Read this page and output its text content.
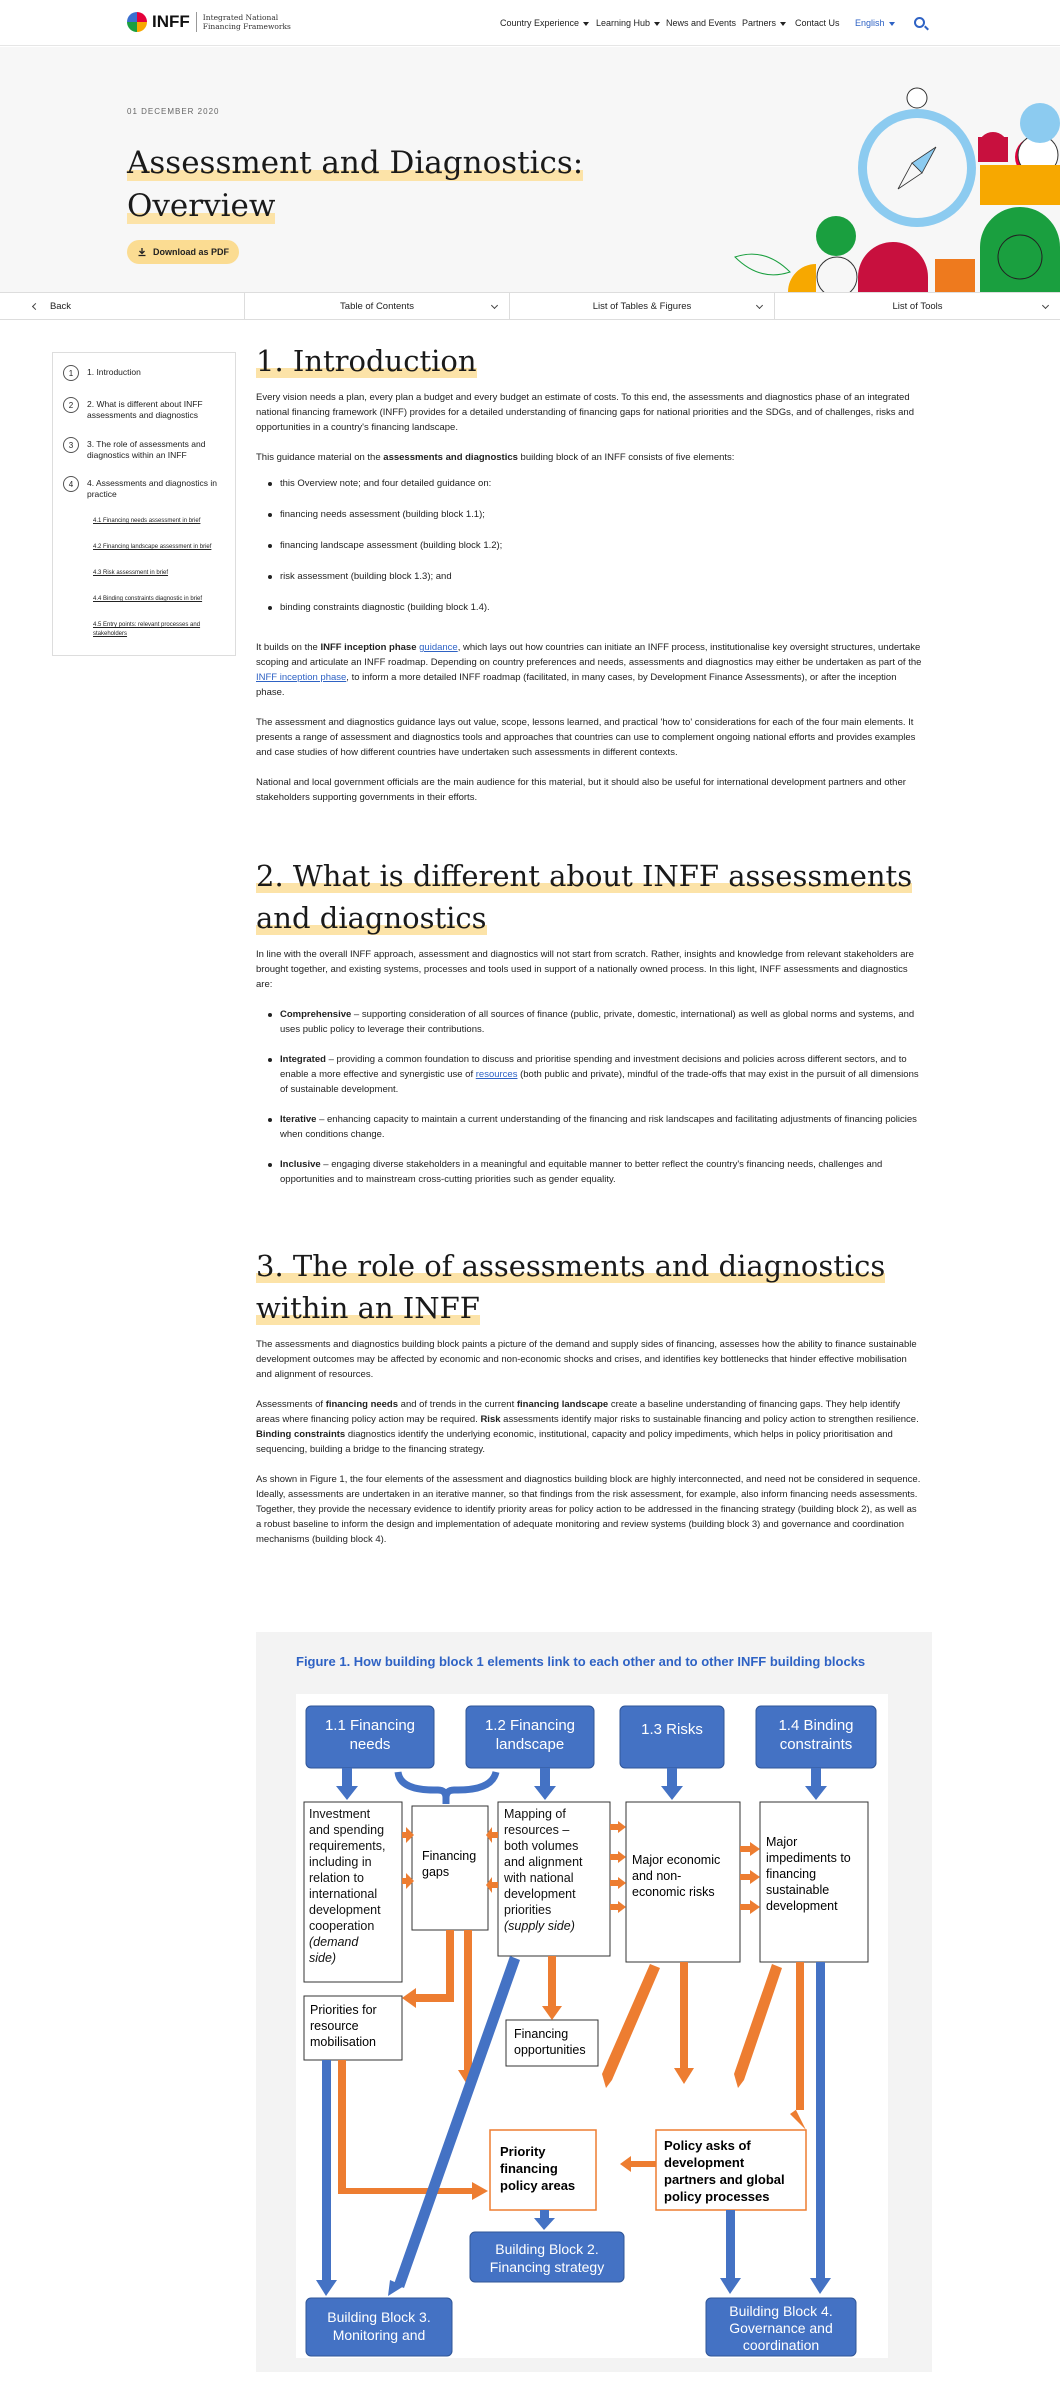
INFF Integrated National
Financing Frameworks	Country Experience	Learning Hub	News and Events Partners	Contact Us English
01 DECEMBER 2020
Assessment and Diagnostics:
Overview
Download as PDF
Back	Table of Contents	List of Tables & Figures	List of Tools
1	1. Introduction
2	2. What is different about INFF assessments and diagnostics
3	3. The role of assessments and diagnostics within an INFF
4	4. Assessments and diagnostics in practice
4.1 Financing needs assessment in brief
4.2 Financing landscape assessment in brief
4.3 Risk assessment in brief
4.4 Binding constraints diagnostic in brief
4.5 Entry points: relevant processes and stakeholders
1. Introduction

Every vision needs a plan, every plan a budget and every budget an estimate of costs. To this end, the assessments and diagnostics phase of an integrated national financing framework (INFF) provides for a detailed understanding of financing gaps for national priorities and the SDGs, and of challenges, risks and opportunities in a country's financing landscape.

This guidance material on the assessments and diagnostics building block of an INFF consists of five elements:

this Overview note; and four detailed guidance on:
financing needs assessment (building block 1.1);
financing landscape assessment (building block 1.2);
risk assessment (building block 1.3); and
binding constraints diagnostic (building block 1.4).

It builds on the INFF inception phase guidance, which lays out how countries can initiate an INFF process, institutionalise key oversight structures, undertake scoping and articulate an INFF roadmap. Depending on country preferences and needs, assessments and diagnostics may either be undertaken as part of the INFF inception phase, to inform a more detailed INFF roadmap (facilitated, in many cases, by Development Finance Assessments), or after the inception phase.

The assessment and diagnostics guidance lays out value, scope, lessons learned, and practical 'how to' considerations for each of the four main elements. It presents a range of assessment and diagnostics tools and approaches that countries can use to complement ongoing national efforts and provides examples and case studies of how different countries have undertaken such assessments in different contexts.

National and local government officials are the main audience for this material, but it should also be useful for international development partners and other stakeholders supporting governments in their efforts.

2. What is different about INFF assessments
and diagnostics

In line with the overall INFF approach, assessment and diagnostics will not start from scratch. Rather, insights and knowledge from relevant stakeholders are brought together, and existing systems, processes and tools used in support of a nationally owned process. In this light, INFF assessments and diagnostics are:

Comprehensive – supporting consideration of all sources of finance (public, private, domestic, international) as well as global norms and systems, and uses public policy to leverage their contributions.
Integrated – providing a common foundation to discuss and prioritise spending and investment decisions and policies across different sectors, and to enable a more effective and synergistic use of resources (both public and private), mindful of the trade-offs that may exist in the pursuit of all dimensions of sustainable development.
Iterative – enhancing capacity to maintain a current understanding of the financing and risk landscapes and facilitating adjustments of financing policies when conditions change.
Inclusive – engaging diverse stakeholders in a meaningful and equitable manner to better reflect the country's financing needs, challenges and opportunities and to mainstream cross-cutting priorities such as gender equality.
3. The role of assessments and diagnostics
within an INFF

The assessments and diagnostics building block paints a picture of the demand and supply sides of financing, assesses how the ability to finance sustainable development outcomes may be affected by economic and non-economic shocks and crises, and identifies key bottlenecks that hinder effective mobilisation and alignment of resources.

Assessments of financing needs and of trends in the current financing landscape create a baseline understanding of financing gaps. They help identify areas where financing policy action may be required. Risk assessments identify major risks to sustainable financing and policy action to strengthen resilience. Binding constraints diagnostics identify the underlying economic, institutional, capacity and policy impediments, which helps in policy prioritisation and sequencing, building a bridge to the financing strategy.

As shown in Figure 1, the four elements of the assessment and diagnostics building block are highly interconnected, and need not be considered in sequence. Ideally, assessments are undertaken in an iterative manner, so that findings from the risk assessment, for example, also inform financing needs assessments. Together, they provide the necessary evidence to identify priority areas for policy action to be addressed in the financing strategy (building block 2), as well as a robust baseline to inform the design and implementation of adequate monitoring and review systems (building block 3) and governance and coordination mechanisms (building block 4).

Figure 1. How building block 1 elements link to each other and to other INFF building blocks
1.1 Financing
needs
1.2 Financing
landscape
1.3 Risks	1.4 Binding
constraints
Investment
and spending
requirements,
including in
relation to
international
development
cooperation
(demand
side)
Financing
gaps
Mapping of
resources –
both volumes
and alignment
with national
development
priorities
(supply side)
Major economic
and non-
economic risks
Major
impediments to
financing
sustainable
development
Priorities for
resource
mobilisation
Financing
opportunities
Priority
financing
policy areas
Policy asks of
development
partners and global
policy processes
Building Block 2.
Financing strategy
Building Block 3.
Monitoring and
Building Block 4.
Governance and
coordination
